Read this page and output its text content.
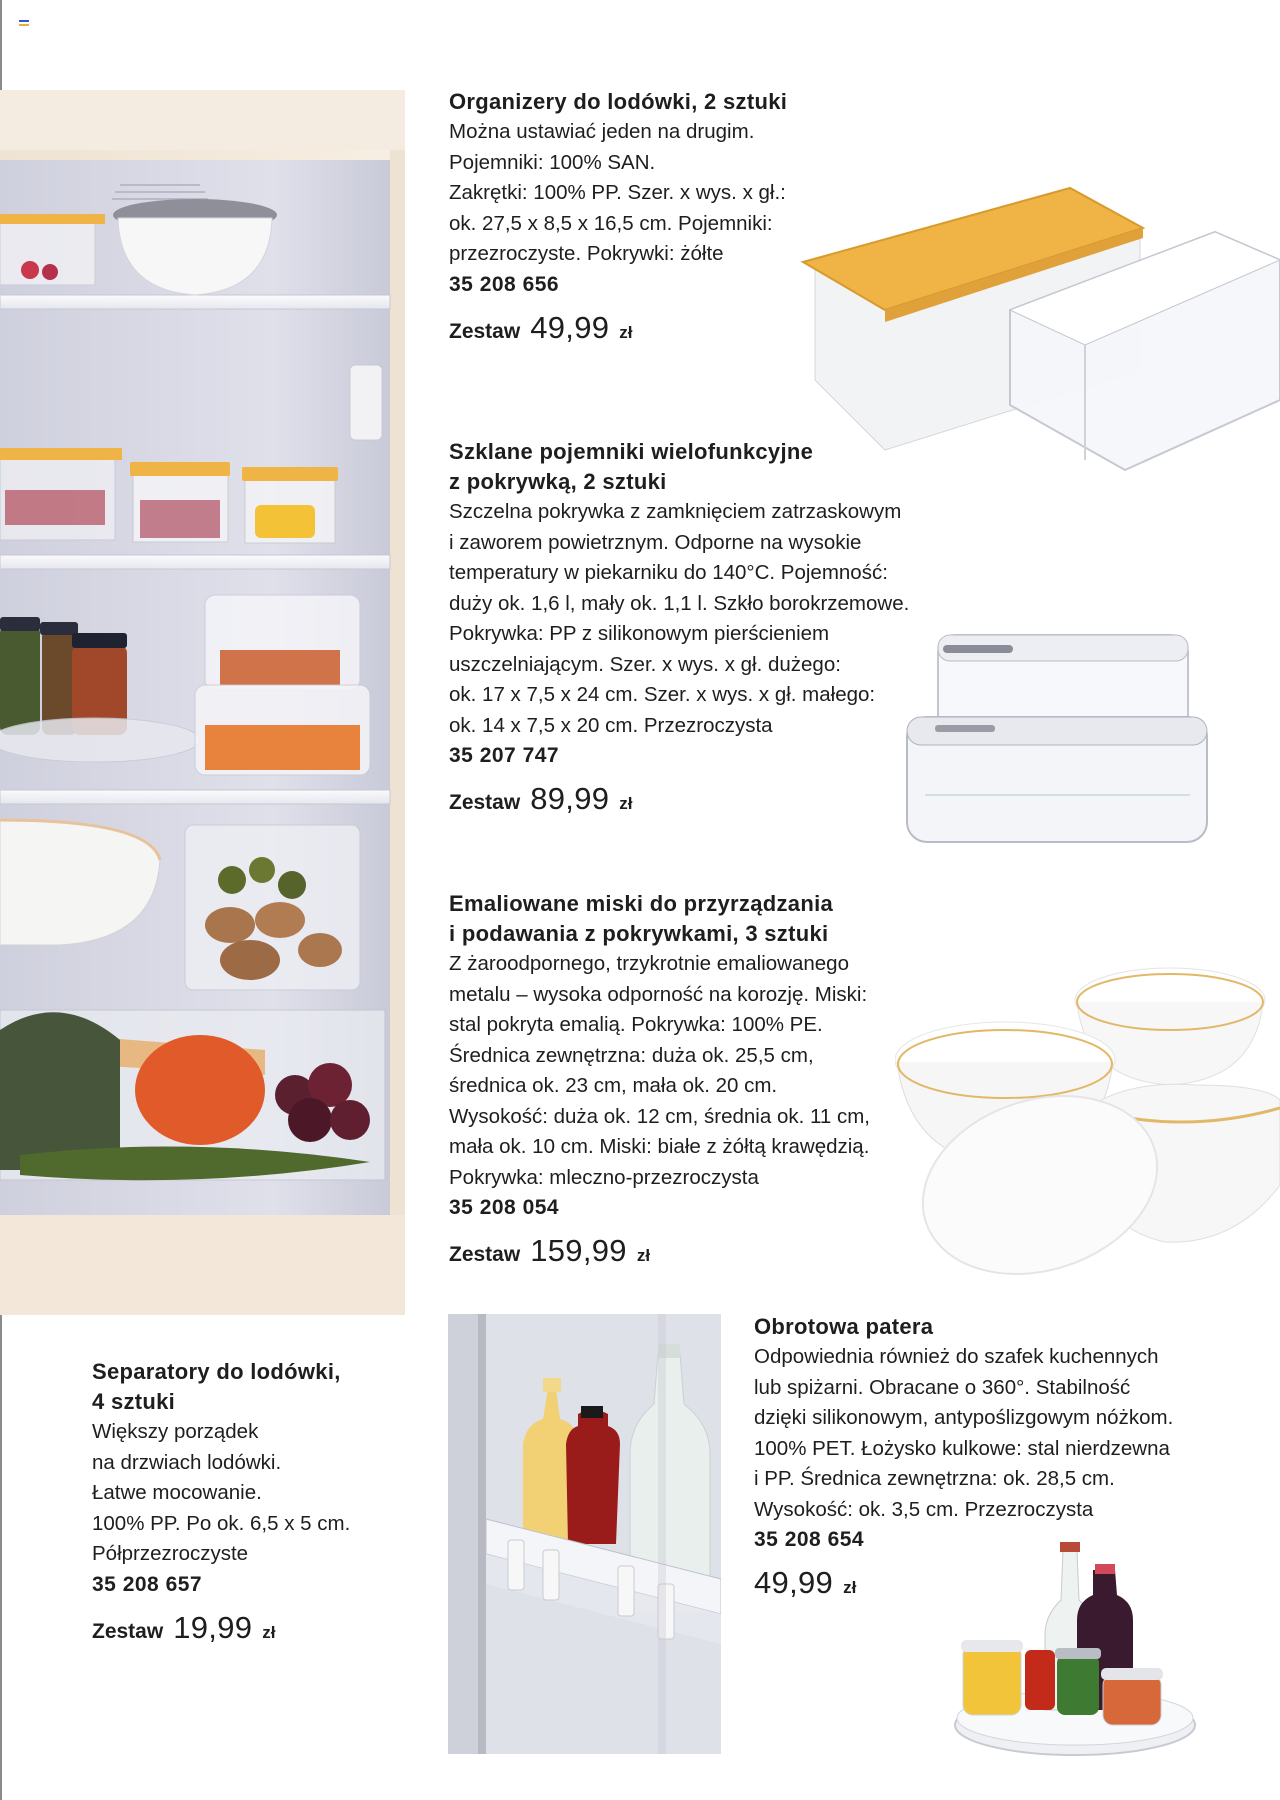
Organizery do lodówki, 2 sztuki
Można ustawiać jeden na drugim.
Pojemniki: 100% SAN.
Zakrętki: 100% PP. Szer. x wys. x gł.:
ok. 27,5 x 8,5 x 16,5 cm. Pojemniki:
przezroczyste. Pokrywki: żółte
35 208 656
Zestaw 49,99 zł
Szklane pojemniki wielofunkcyjne
z pokrywką, 2 sztuki
Szczelna pokrywka z zamknięciem zatrzaskowym
i zaworem powietrznym. Odporne na wysokie
temperatury w piekarniku do 140°C. Pojemność:
duży ok. 1,6 l, mały ok. 1,1 l. Szkło borokrzemowe.
Pokrywka: PP z silikonowym pierścieniem
uszczelniającym. Szer. x wys. x gł. dużego:
ok. 17 x 7,5 x 24 cm. Szer. x wys. x gł. małego:
ok. 14 x 7,5 x 20 cm. Przezroczysta
35 207 747
Zestaw 89,99 zł
Emaliowane miski do przyrządzania
i podawania z pokrywkami, 3 sztuki
Z żaroodpornego, trzykrotnie emaliowanego
metalu – wysoka odporność na korozję. Miski:
stal pokryta emalią. Pokrywka: 100% PE.
Średnica zewnętrzna: duża ok. 25,5 cm,
średnica ok. 23 cm, mała ok. 20 cm.
Wysokość: duża ok. 12 cm, średnia ok. 11 cm,
mała ok. 10 cm. Miski: białe z żółtą krawędzią.
Pokrywka: mleczno-przezroczysta
35 208 054
Zestaw 159,99 zł
Separatory do lodówki,
4 sztuki
Większy porządek
na drzwiach lodówki.
Łatwe mocowanie.
100% PP. Po ok. 6,5 x 5 cm.
Półprzezroczyste
35 208 657
Zestaw 19,99 zł
Obrotowa patera
Odpowiednia również do szafek kuchennych
lub spiżarni. Obracane o 360°. Stabilność
dzięki silikonowym, antypoślizgowym nóżkom.
100% PET. Łożysko kulkowe: stal nierdzewna
i PP. Średnica zewnętrzna: ok. 28,5 cm.
Wysokość: ok. 3,5 cm. Przezroczysta
35 208 654
49,99 zł
